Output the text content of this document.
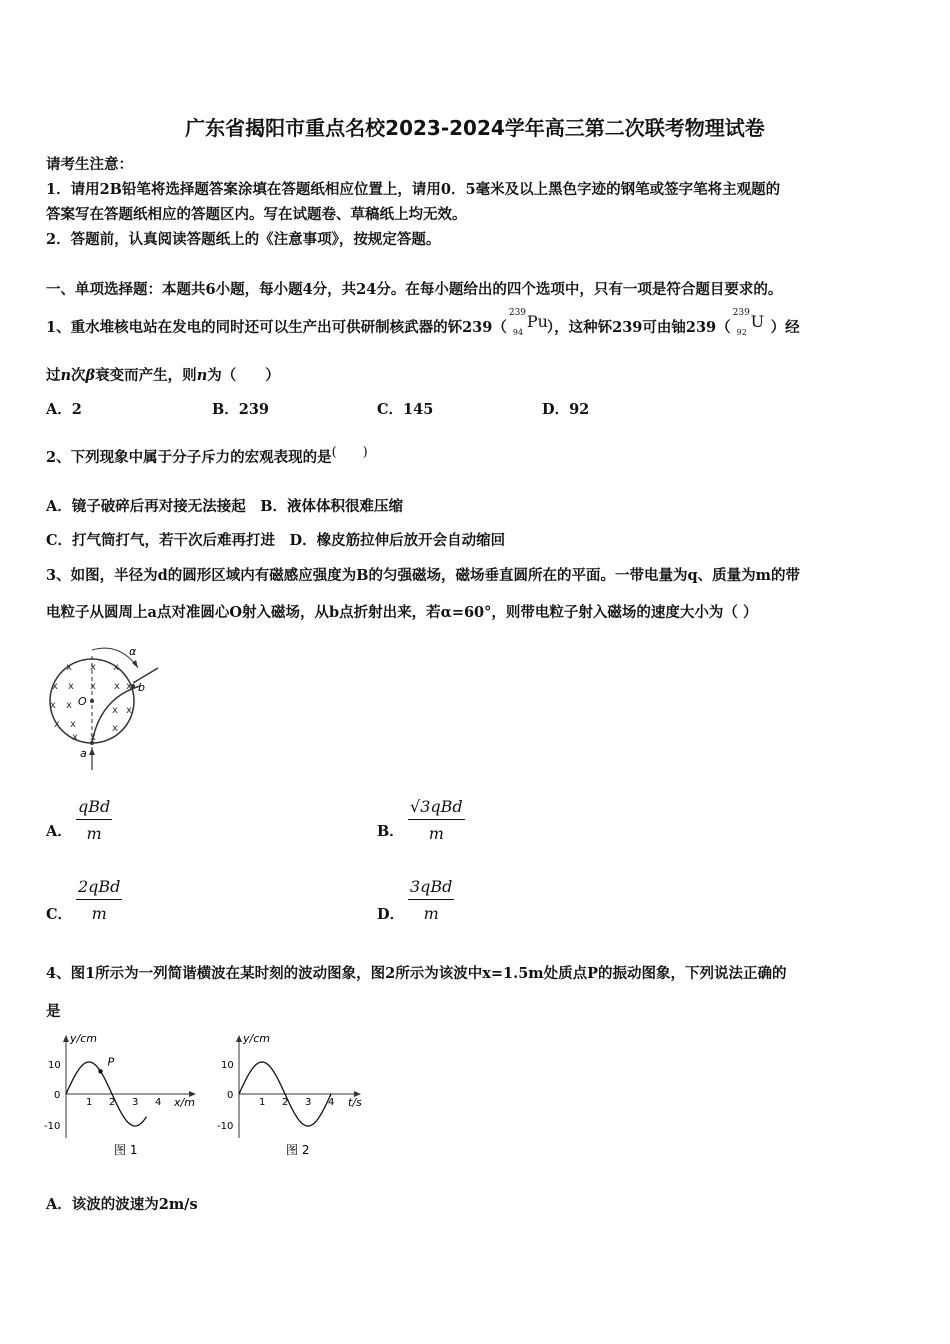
广东省揭阳市重点名校2023-2024学年高三第二次联考物理试卷
请考生注意：
1．请用2B铅笔将选择题答案涂填在答题纸相应位置上，请用0．5毫米及以上黑色字迹的钢笔或签字笔将主观题的
答案写在答题纸相应的答题区内。写在试题卷、草稿纸上均无效。
2．答题前，认真阅读答题纸上的《注意事项》，按规定答题。
一、单项选择题：本题共6小题，每小题4分，共24分。在每小题给出的四个选项中，只有一项是符合题目要求的。
1、重水堆核电站在发电的同时还可以生产出可供研制核武器的钚239（
239
94
Pu
），这种钚239可由铀239（
239
92
U ）经
过n次β衰变而产生，则n为（　　）
A．2	B．239	C．145	D．92
2、下列现象中属于分子斥力的宏观表现的是(　　)
A．镜子破碎后再对接无法接起　B．液体体积很难压缩
C．打气筒打气，若干次后难再打进　D．橡皮筋拉伸后放开会自动缩回
3、如图，半径为d的圆形区域内有磁感应强度为B的匀强磁场，磁场垂直圆所在的平面。一带电量为q、质量为m的带
电粒子从圆周上a点对准圆心O射入磁场，从b点折射出来，若α=60°，则带电粒子射入磁场的速度大小为（ ）
α
b
O
a
x x x
x x x x x
x x	x x
x x	x
x x
A．
qBd
m	B．
√3qBd
m
C．
2qBd
m	D．
3qBd
m
4、图1所示为一列简谐横波在某时刻的波动图象，图2所示为该波中x=1.5m处质点P的振动图象，下列说法正确的
是
y/cm
x/m
10
0
-10
1 2 3 4
P
图 1
y/cm
t/s
10
0
-10
1 2 3 4
图 2
A．该波的波速为2m/s
